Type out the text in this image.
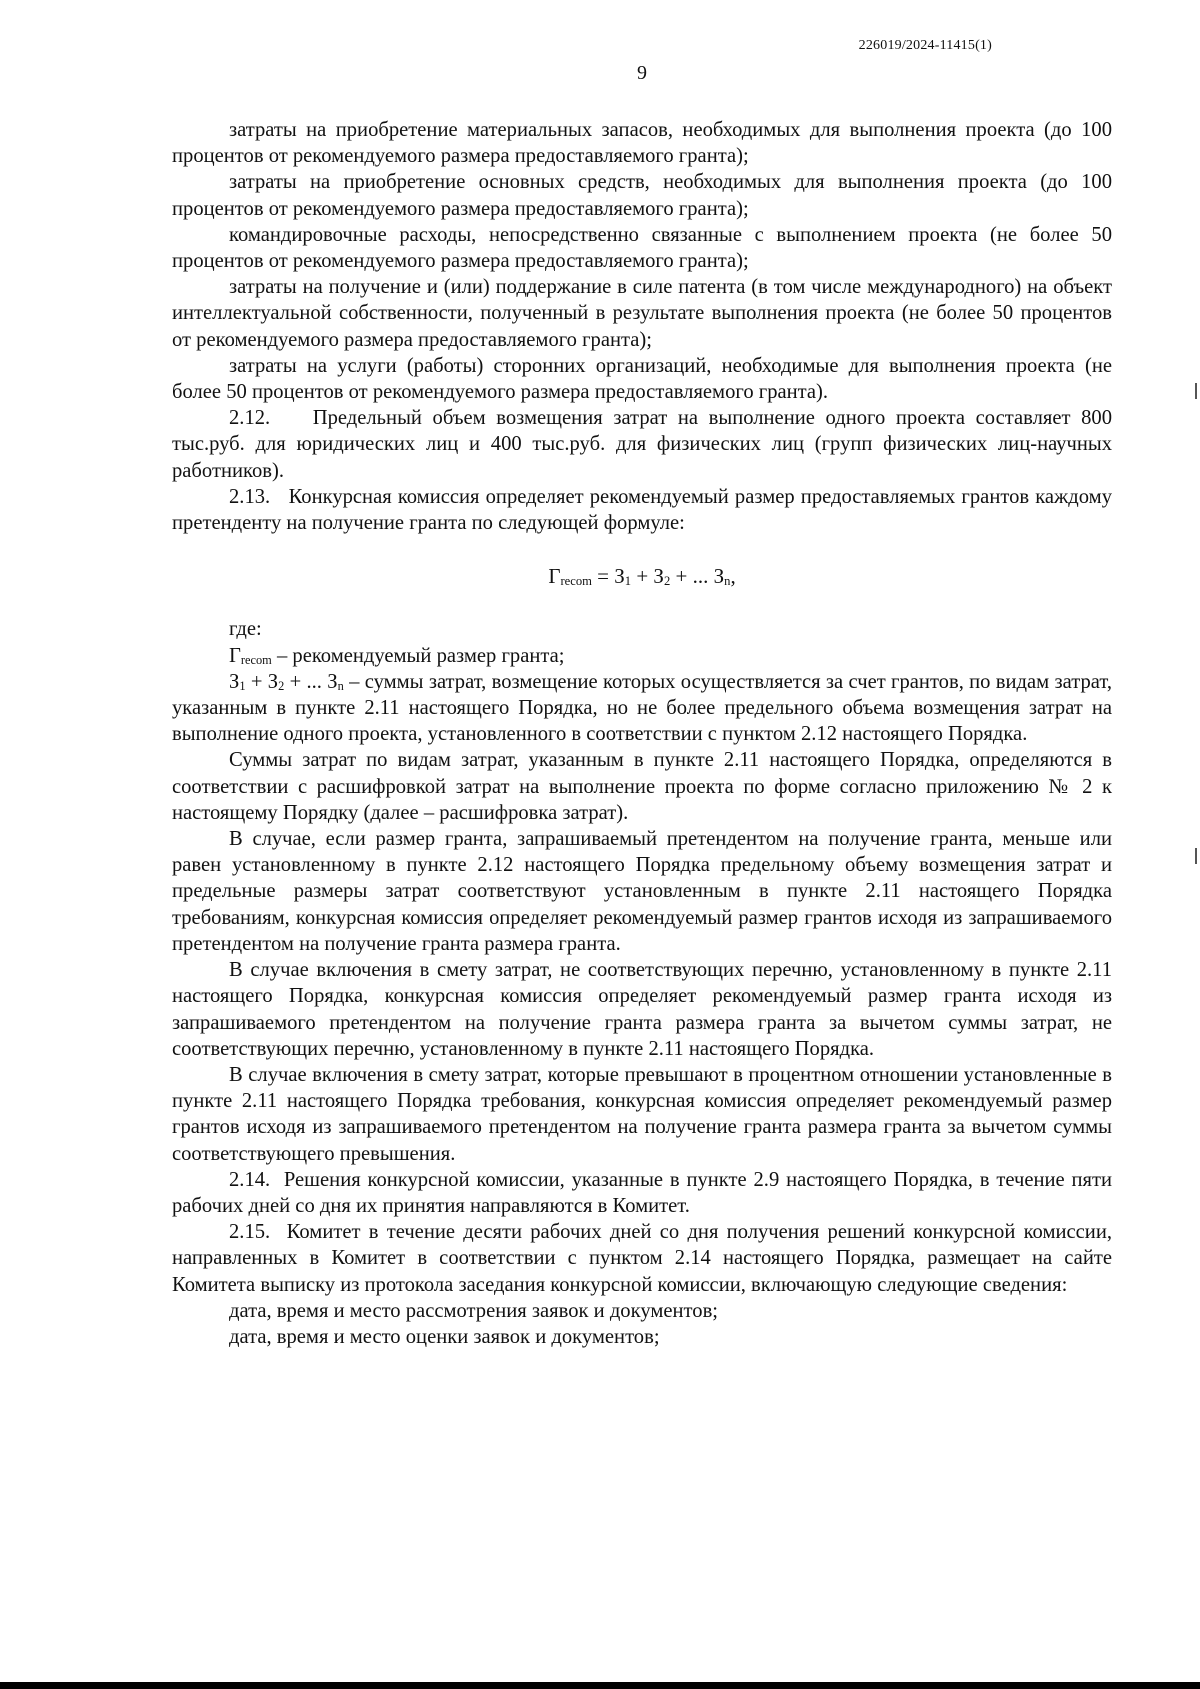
226019/2024-11415(1)
9

затраты на приобретение материальных запасов, необходимых для выполнения проекта (до 100 процентов от рекомендуемого размера предоставляемого гранта);

затраты на приобретение основных средств, необходимых для выполнения проекта (до 100 процентов от рекомендуемого размера предоставляемого гранта);

командировочные расходы, непосредственно связанные с выполнением проекта (не более 50 процентов от рекомендуемого размера предоставляемого гранта);

затраты на получение и (или) поддержание в силе патента (в том числе международного) на объект интеллектуальной собственности, полученный в результате выполнения проекта (не более 50 процентов от рекомендуемого размера предоставляемого гранта);

затраты на услуги (работы) сторонних организаций, необходимые для выполнения проекта (не более 50 процентов от рекомендуемого размера предоставляемого гранта).

2.12.    Предельный объем возмещения затрат на выполнение одного проекта составляет 800 тыс.руб. для юридических лиц и 400 тыс.руб. для физических лиц (групп физических лиц-научных работников).

2.13.   Конкурсная комиссия определяет рекомендуемый размер предоставляемых грантов каждому претенденту на получение гранта по следующей формуле:

$Г_{recom} = З_1 + З_2$ + ... $З_n$,

где:

$Г_{recom}$ – рекомендуемый размер гранта;

$З_1 + З_2$ + ... $З_n$ – суммы затрат, возмещение которых осуществляется за счет грантов, по видам затрат, указанным в пункте 2.11 настоящего Порядка, но не более предельного объема возмещения затрат на выполнение одного проекта, установленного в соответствии с пунктом 2.12 настоящего Порядка.

Суммы затрат по видам затрат, указанным в пункте 2.11 настоящего Порядка, определяются в соответствии с расшифровкой затрат на выполнение проекта по форме согласно приложению № 2 к настоящему Порядку (далее – расшифровка затрат).

В случае, если размер гранта, запрашиваемый претендентом на получение гранта, меньше или равен установленному в пункте 2.12 настоящего Порядка предельному объему возмещения затрат и предельные размеры затрат соответствуют установленным в пункте 2.11 настоящего Порядка требованиям, конкурсная комиссия определяет рекомендуемый размер грантов исходя из запрашиваемого претендентом на получение гранта размера гранта.

В случае включения в смету затрат, не соответствующих перечню, установленному в пункте 2.11 настоящего Порядка, конкурсная комиссия определяет рекомендуемый размер гранта исходя из запрашиваемого претендентом на получение гранта размера гранта за вычетом суммы затрат, не соответствующих перечню, установленному в пункте 2.11 настоящего Порядка.

В случае включения в смету затрат, которые превышают в процентном отношении установленные в пункте 2.11 настоящего Порядка требования, конкурсная комиссия определяет рекомендуемый размер грантов исходя из запрашиваемого претендентом на получение гранта размера гранта за вычетом суммы соответствующего превышения.

2.14.  Решения конкурсной комиссии, указанные в пункте 2.9 настоящего Порядка, в течение пяти рабочих дней со дня их принятия направляются в Комитет.

2.15.  Комитет в течение десяти рабочих дней со дня получения решений конкурсной комиссии, направленных в Комитет в соответствии с пунктом 2.14 настоящего Порядка, размещает на сайте Комитета выписку из протокола заседания конкурсной комиссии, включающую следующие сведения:

дата, время и место рассмотрения заявок и документов;

дата, время и место оценки заявок и документов;
